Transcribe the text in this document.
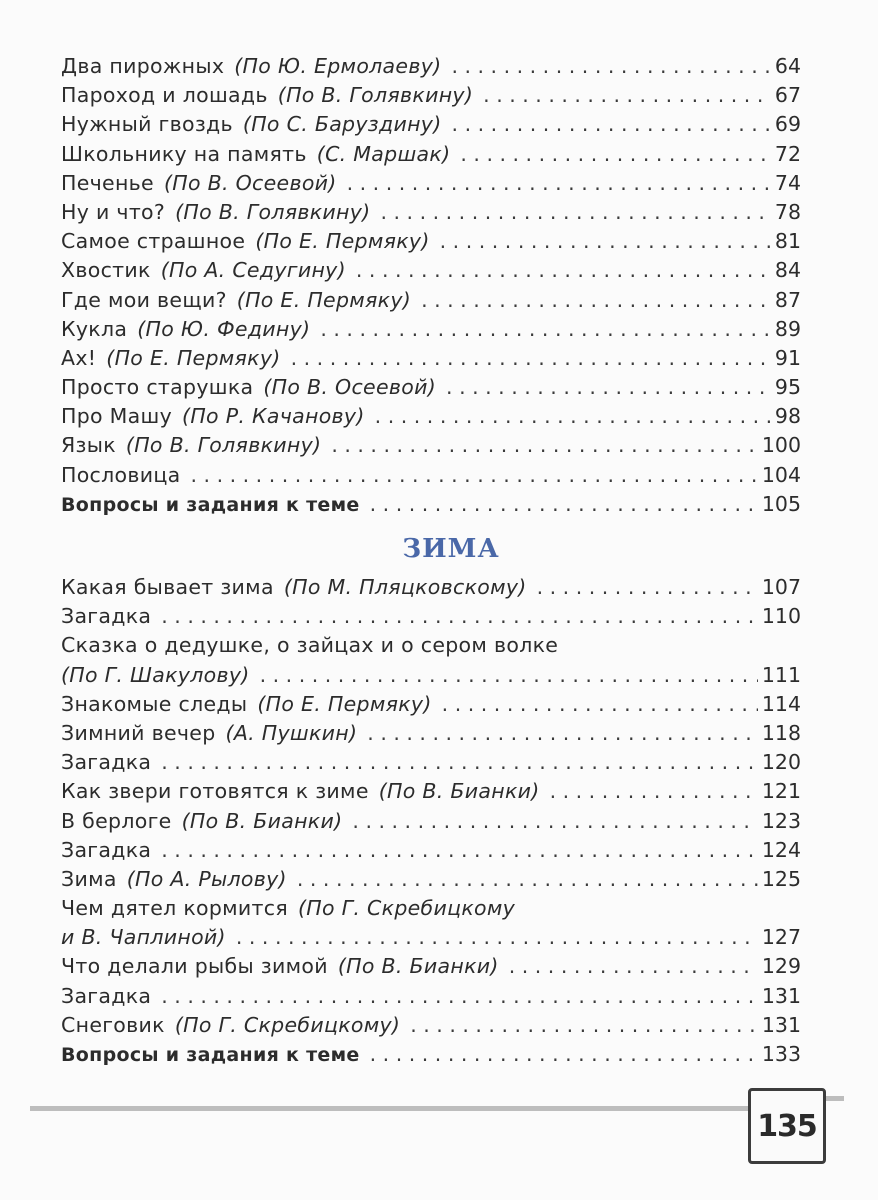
Два пирожных (По Ю. Ермолаеву) . . .	64
Пароход и лошадь (По В. Голявкину) . . .	67
Нужный гвоздь (По С. Баруздину) . . .	69
Школьнику на память (С. Маршак) . . .	72
Печенье (По В. Осеевой) . . .	74
Ну и что? (По В. Голявкину) . . .	78
Самое страшное (По Е. Пермяку) . . .	81
Хвостик (По А. Седугину) . . .	84
Где мои вещи? (По Е. Пермяку) . . .	87
Кукла (По Ю. Федину) . . .	89
Ах! (По Е. Пермяку) . . .	91
Просто старушка (По В. Осеевой) . . .	95
Про Машу (По Р. Качанову) . . .	98
Язык (По В. Голявкину) . . .	100
Пословица . . .	104
Вопросы и задания к теме . . .	105
ЗИМА
Какая бывает зима (По М. Пляцковскому) . . .	107
Загадка . . .	110
Сказка о дедушке, о зайцах и о сером волке
(По Г. Шакулову) . . .	111
Знакомые следы (По Е. Пермяку) . . .	114
Зимний вечер (А. Пушкин) . . .	118
Загадка . . .	120
Как звери готовятся к зиме (По В. Бианки) . . .	121
В берлоге (По В. Бианки) . . .	123
Загадка . . .	124
Зима (По А. Рылову) . . .	125
Чем дятел кормится (По Г. Скребицкому
и В. Чаплиной) . . .	127
Что делали рыбы зимой (По В. Бианки) . . .	129
Загадка . . .	131
Снеговик (По Г. Скребицкому) . . .	131
Вопросы и задания к теме . . .	133
135
